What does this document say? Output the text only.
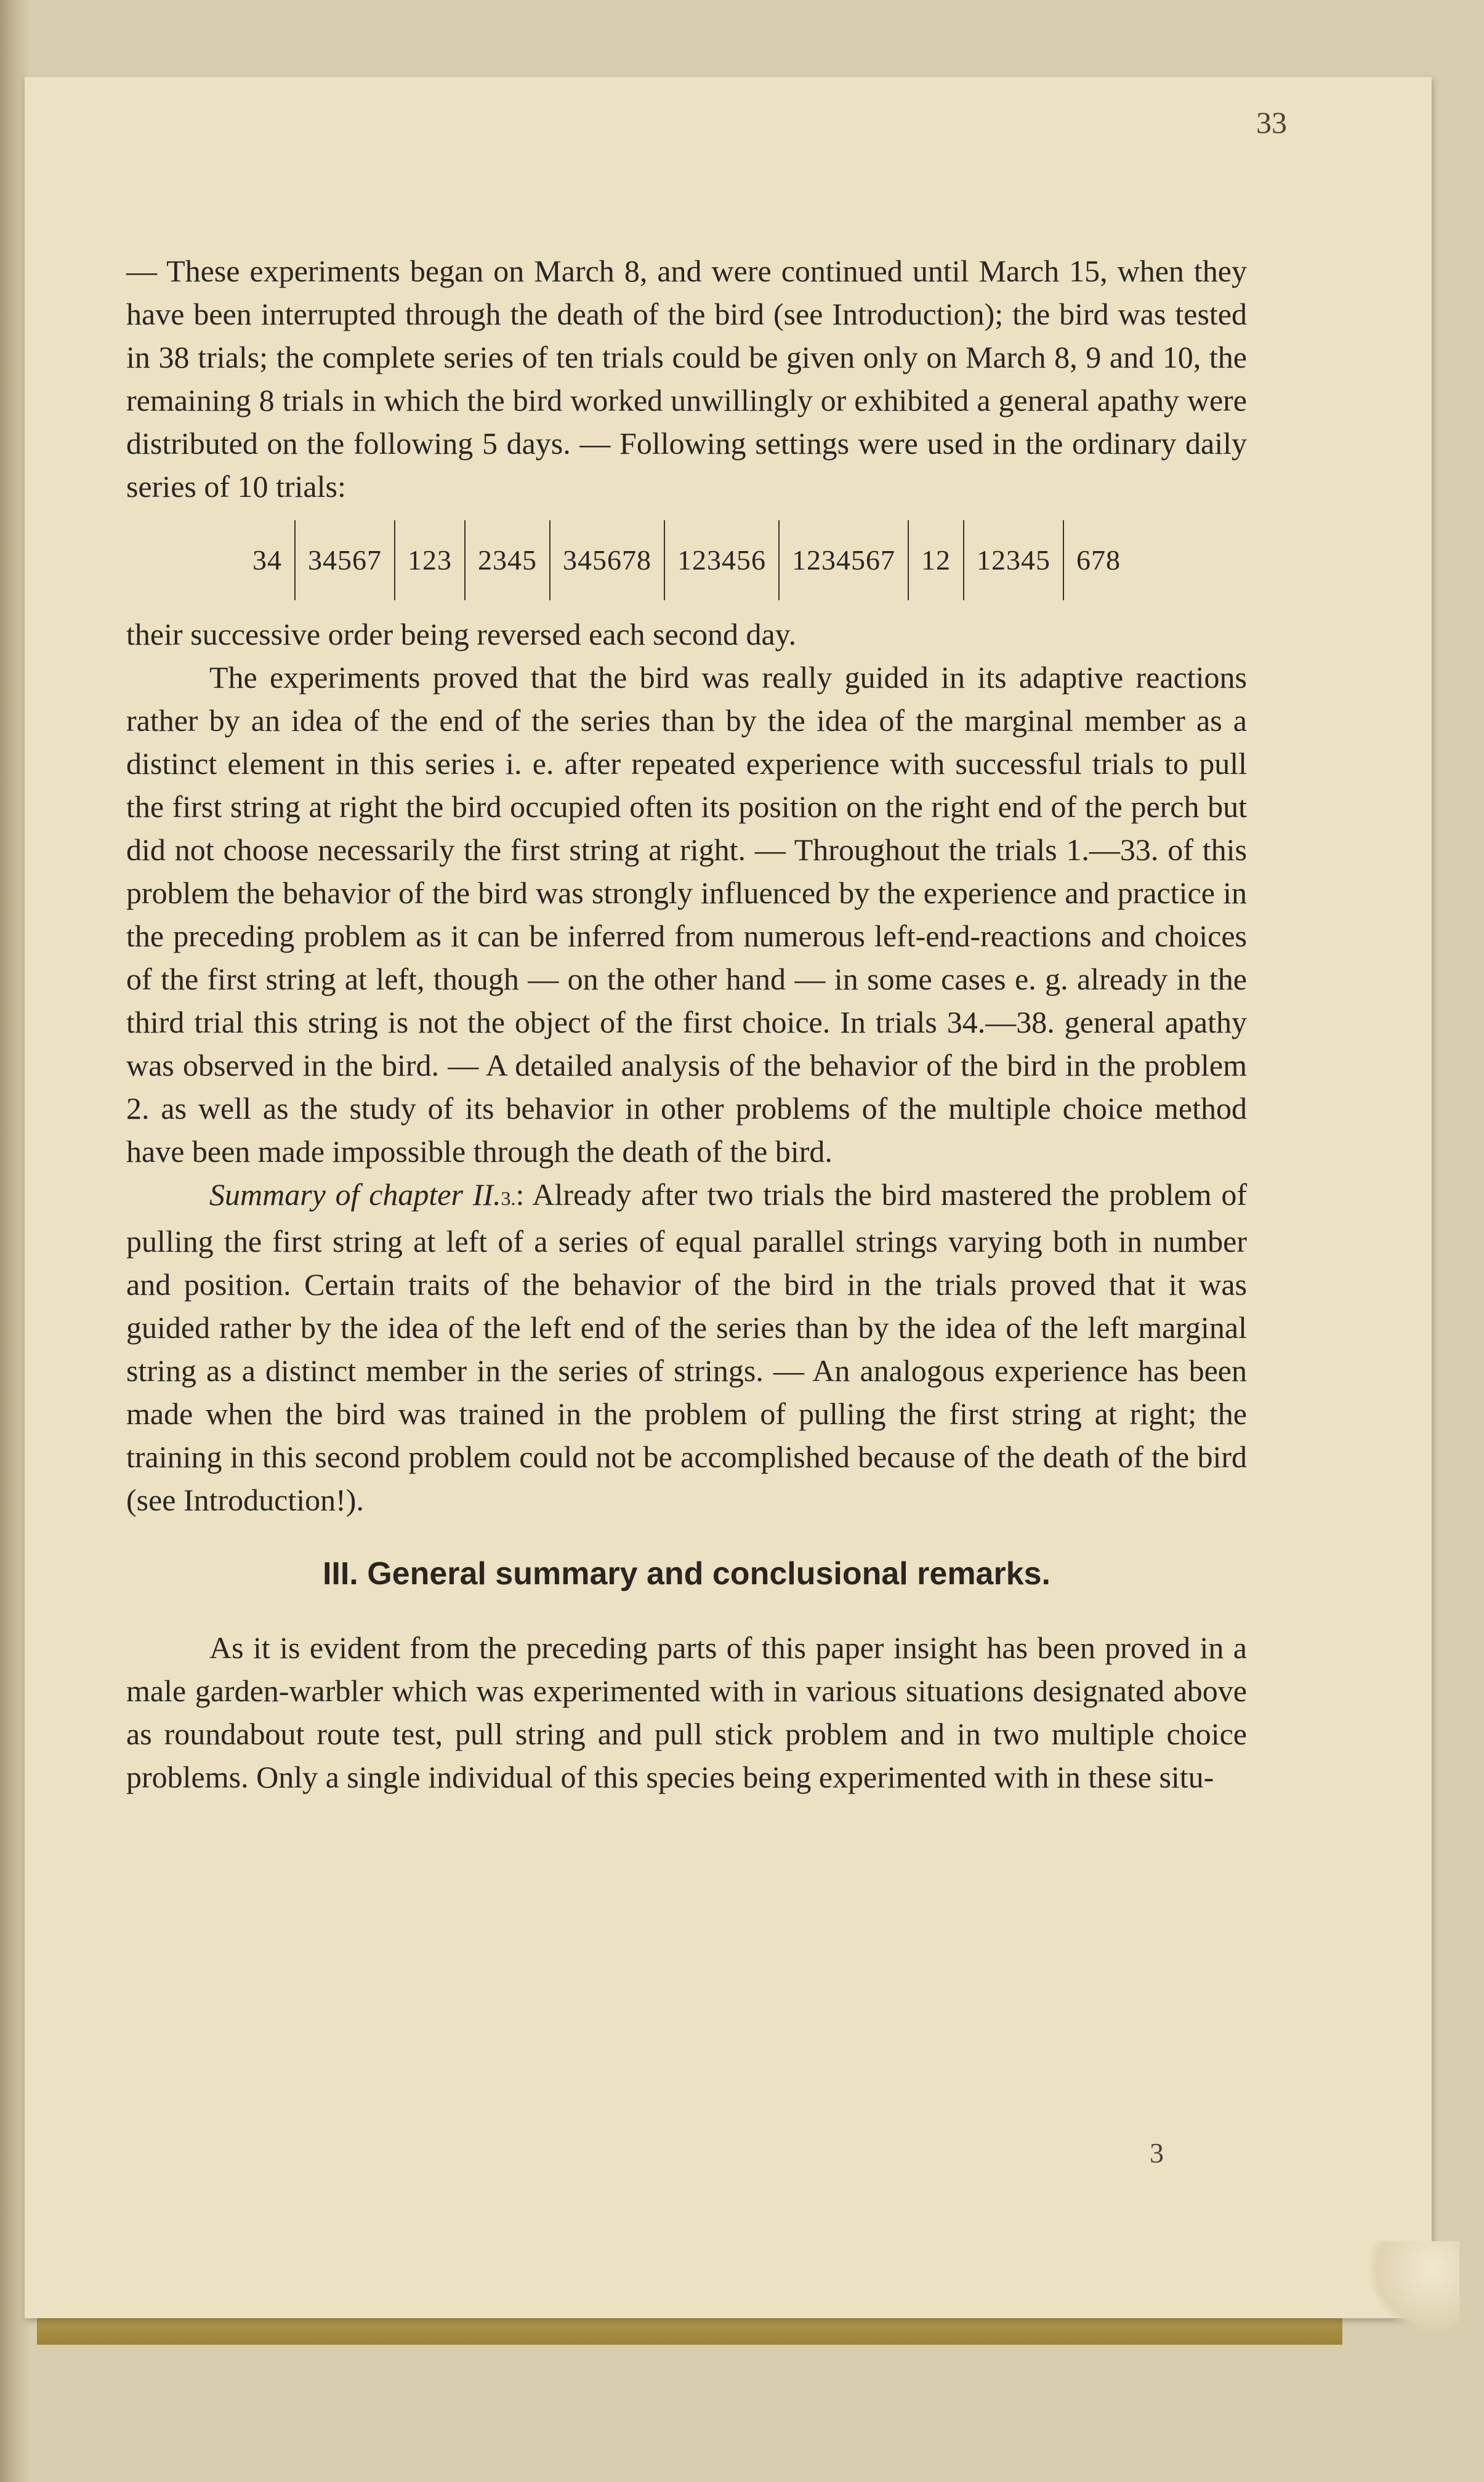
33

— These experiments began on March 8, and were continued until March 15, when they have been interrupted through the death of the bird (see Introduction); the bird was tested in 38 trials; the complete series of ten trials could be given only on March 8, 9 and 10, the remaining 8 trials in which the bird worked unwillingly or exhibited a general apathy were distributed on the following 5 days. — Following settings were used in the ordinary daily series of 10 trials:

34 34567 123 2345 345678 123456 1234567 12 12345 678

their successive order being reversed each second day.

The experiments proved that the bird was really guided in its adaptive reactions rather by an idea of the end of the series than by the idea of the marginal member as a distinct element in this series i. e. after repeated experience with successful trials to pull the first string at right the bird occupied often its position on the right end of the perch but did not choose necessarily the first string at right. — Throughout the trials 1.—33. of this problem the behavior of the bird was strongly influenced by the experience and practice in the preceding problem as it can be inferred from numerous left-end-reactions and choices of the first string at left, though — on the other hand — in some cases e. g. already in the third trial this string is not the object of the first choice. In trials 34.—38. general apathy was observed in the bird. — A detailed analysis of the behavior of the bird in the problem 2. as well as the study of its behavior in other problems of the multiple choice method have been made impossible through the death of the bird.

Summary of chapter II.3.: Already after two trials the bird mastered the problem of pulling the first string at left of a series of equal parallel strings varying both in number and position. Certain traits of the behavior of the bird in the trials proved that it was guided rather by the idea of the left end of the series than by the idea of the left marginal string as a distinct member in the series of strings. — An analogous experience has been made when the bird was trained in the problem of pulling the first string at right; the training in this second problem could not be accomplished because of the death of the bird (see Introduction!).

III. General summary and conclusional remarks.

As it is evident from the preceding parts of this paper insight has been proved in a male garden-warbler which was experimented with in various situations designated above as roundabout route test, pull string and pull stick problem and in two multiple choice problems. Only a single individual of this species being experimented with in these situ-

3
